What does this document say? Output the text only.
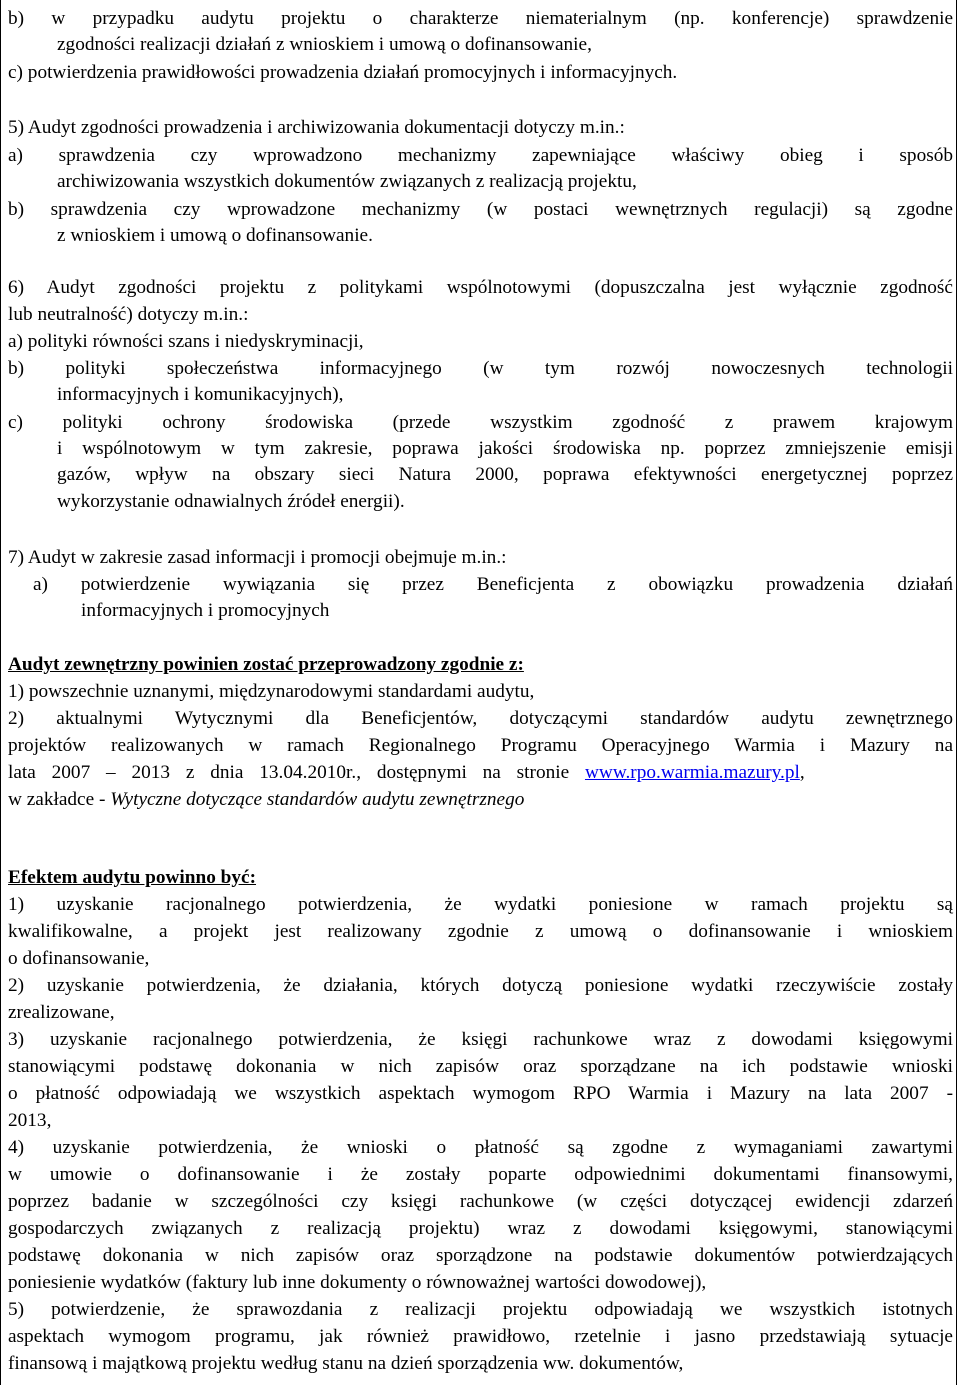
b) w przypadku audytu projektu o charakterze niematerialnym (np. konferencje) sprawdzenie
zgodności realizacji działań z wnioskiem i umową o dofinansowanie,
c) potwierdzenia prawidłowości prowadzenia działań promocyjnych i informacyjnych.
5) Audyt zgodności prowadzenia i archiwizowania dokumentacji dotyczy m.in.:
a) sprawdzenia czy wprowadzono mechanizmy zapewniające właściwy obieg i sposób
archiwizowania wszystkich dokumentów związanych z realizacją projektu,
b) sprawdzenia czy wprowadzone mechanizmy (w postaci wewnętrznych regulacji) są zgodne
z wnioskiem i umową o dofinansowanie.
6) Audyt zgodności projektu z politykami wspólnotowymi (dopuszczalna jest wyłącznie zgodność
lub neutralność) dotyczy m.in.:
a) polityki równości szans i niedyskryminacji,
b) polityki społeczeństwa informacyjnego (w tym rozwój nowoczesnych technologii
informacyjnych i komunikacyjnych),
c) polityki ochrony środowiska (przede wszystkim zgodność z prawem krajowym
i wspólnotowym w tym zakresie, poprawa jakości środowiska np. poprzez zmniejszenie emisji
gazów, wpływ na obszary sieci Natura 2000, poprawa efektywności energetycznej poprzez
wykorzystanie odnawialnych źródeł energii).
7) Audyt w zakresie zasad informacji i promocji obejmuje m.in.:
a) potwierdzenie wywiązania się przez Beneficjenta z obowiązku prowadzenia działań
informacyjnych i promocyjnych
Audyt zewnętrzny powinien zostać przeprowadzony zgodnie z:
1) powszechnie uznanymi, międzynarodowymi standardami audytu,
2) aktualnymi Wytycznymi dla Beneficjentów, dotyczącymi standardów audytu zewnętrznego
projektów realizowanych w ramach Regionalnego Programu Operacyjnego Warmia i Mazury na
lata 2007 – 2013 z dnia 13.04.2010r., dostępnymi na stronie www.rpo.warmia.mazury.pl,
w zakładce - Wytyczne dotyczące standardów audytu zewnętrznego
Efektem audytu powinno być:
1) uzyskanie racjonalnego potwierdzenia, że wydatki poniesione w ramach projektu są
kwalifikowalne, a projekt jest realizowany zgodnie z umową o dofinansowanie i wnioskiem
o dofinansowanie,
2) uzyskanie potwierdzenia, że działania, których dotyczą poniesione wydatki rzeczywiście zostały
zrealizowane,
3) uzyskanie racjonalnego potwierdzenia, że księgi rachunkowe wraz z dowodami księgowymi
stanowiącymi podstawę dokonania w nich zapisów oraz sporządzane na ich podstawie wnioski
o płatność odpowiadają we wszystkich aspektach wymogom RPO Warmia i Mazury na lata 2007 -
2013,
4) uzyskanie potwierdzenia, że wnioski o płatność są zgodne z wymaganiami zawartymi
w umowie o dofinansowanie i że zostały poparte odpowiednimi dokumentami finansowymi,
poprzez badanie w szczególności czy księgi rachunkowe (w części dotyczącej ewidencji zdarzeń
gospodarczych związanych z realizacją projektu) wraz z dowodami księgowymi, stanowiącymi
podstawę dokonania w nich zapisów oraz sporządzone na podstawie dokumentów potwierdzających
poniesienie wydatków (faktury lub inne dokumenty o równoważnej wartości dowodowej),
5) potwierdzenie, że sprawozdania z realizacji projektu odpowiadają we wszystkich istotnych
aspektach wymogom programu, jak również prawidłowo, rzetelnie i jasno przedstawiają sytuacje
finansową i majątkową projektu według stanu na dzień sporządzenia ww. dokumentów,
